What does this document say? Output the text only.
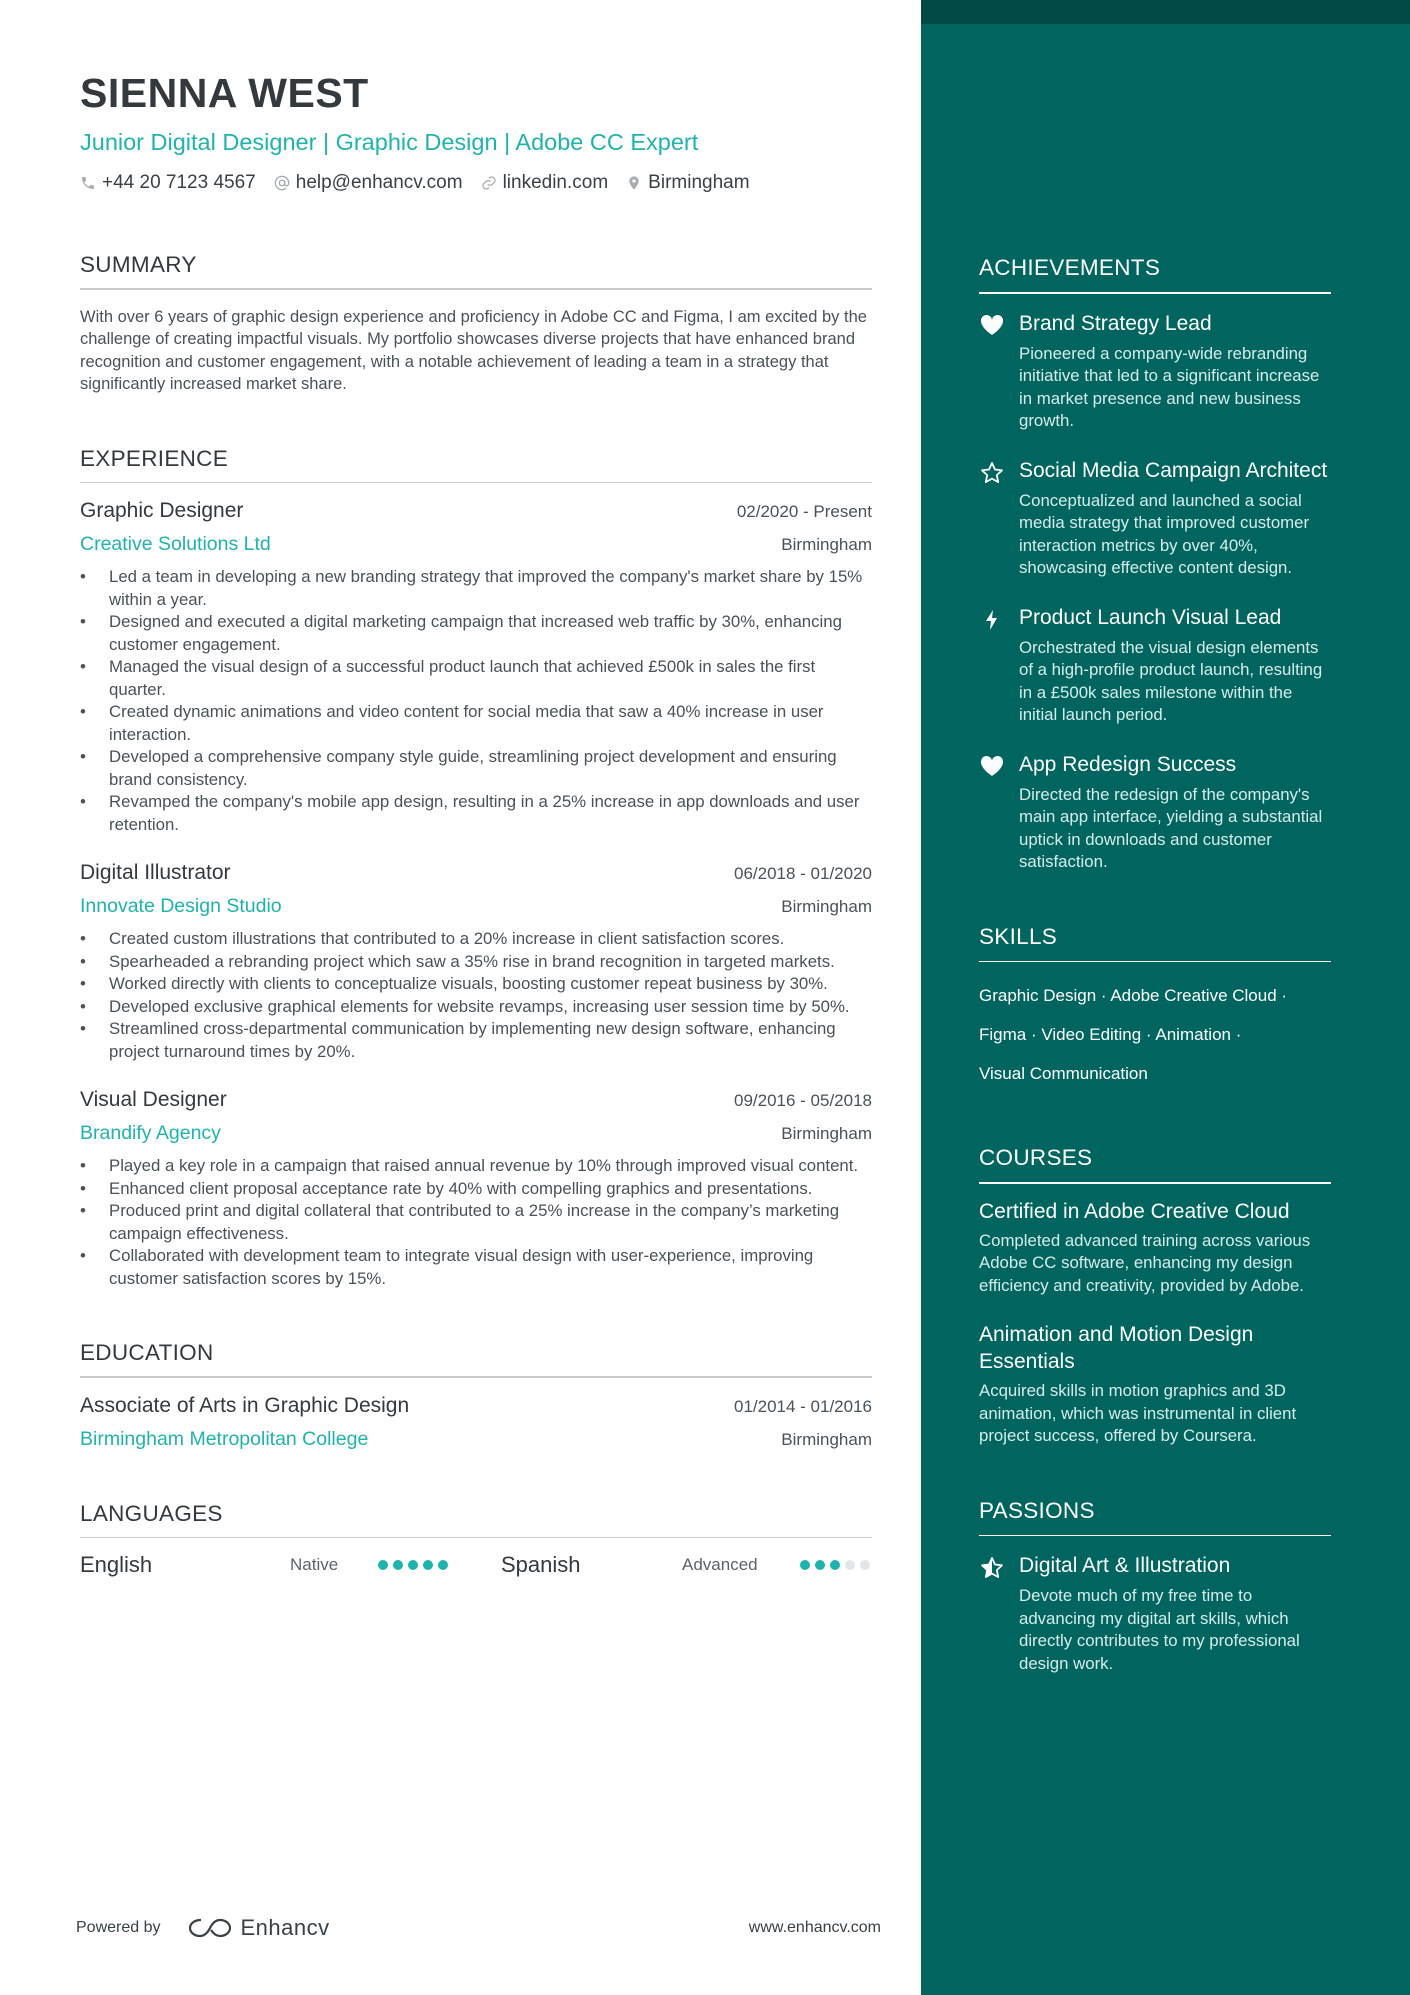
SIENNA WEST
Junior Digital Designer | Graphic Design | Adobe CC Expert
+44 20 7123 4567 help@enhancv.com linkedin.com Birmingham
SUMMARY
With over 6 years of graphic design experience and proficiency in Adobe CC and Figma, I am excited by the challenge of creating impactful visuals. My portfolio showcases diverse projects that have enhanced brand recognition and customer engagement, with a notable achievement of leading a team in a strategy that significantly increased market share.
EXPERIENCE
Graphic Designer	02/2020 - Present
Creative Solutions Ltd	Birmingham
• Led a team in developing a new branding strategy that improved the company's market share by 15% within a year.
• Designed and executed a digital marketing campaign that increased web traffic by 30%, enhancing customer engagement.
• Managed the visual design of a successful product launch that achieved £500k in sales the first quarter.
• Created dynamic animations and video content for social media that saw a 40% increase in user interaction.
• Developed a comprehensive company style guide, streamlining project development and ensuring brand consistency.
• Revamped the company's mobile app design, resulting in a 25% increase in app downloads and user retention.
Digital Illustrator	06/2018 - 01/2020
Innovate Design Studio	Birmingham
• Created custom illustrations that contributed to a 20% increase in client satisfaction scores.
• Spearheaded a rebranding project which saw a 35% rise in brand recognition in targeted markets.
• Worked directly with clients to conceptualize visuals, boosting customer repeat business by 30%.
• Developed exclusive graphical elements for website revamps, increasing user session time by 50%.
• Streamlined cross-departmental communication by implementing new design software, enhancing project turnaround times by 20%.
Visual Designer	09/2016 - 05/2018
Brandify Agency	Birmingham
• Played a key role in a campaign that raised annual revenue by 10% through improved visual content.
• Enhanced client proposal acceptance rate by 40% with compelling graphics and presentations.
• Produced print and digital collateral that contributed to a 25% increase in the company’s marketing campaign effectiveness.
• Collaborated with development team to integrate visual design with user-experience, improving customer satisfaction scores by 15%.
EDUCATION
Associate of Arts in Graphic Design	01/2014 - 01/2016
Birmingham Metropolitan College	Birmingham
LANGUAGES
English	Native	Spanish	Advanced
Powered by	Enhancv	www.enhancv.com
ACHIEVEMENTS
Brand Strategy Lead
Pioneered a company-wide rebranding initiative that led to a significant increase in market presence and new business growth.
Social Media Campaign Architect
Conceptualized and launched a social media strategy that improved customer interaction metrics by over 40%, showcasing effective content design.
Product Launch Visual Lead
Orchestrated the visual design elements of a high-profile product launch, resulting in a £500k sales milestone within the initial launch period.
App Redesign Success
Directed the redesign of the company's main app interface, yielding a substantial uptick in downloads and customer satisfaction.
SKILLS
Graphic Design · Adobe Creative Cloud ·
Figma · Video Editing · Animation ·
Visual Communication
COURSES
Certified in Adobe Creative Cloud
Completed advanced training across various Adobe CC software, enhancing my design efficiency and creativity, provided by Adobe.
Animation and Motion Design Essentials
Acquired skills in motion graphics and 3D animation, which was instrumental in client project success, offered by Coursera.
PASSIONS
Digital Art & Illustration
Devote much of my free time to advancing my digital art skills, which directly contributes to my professional design work.
